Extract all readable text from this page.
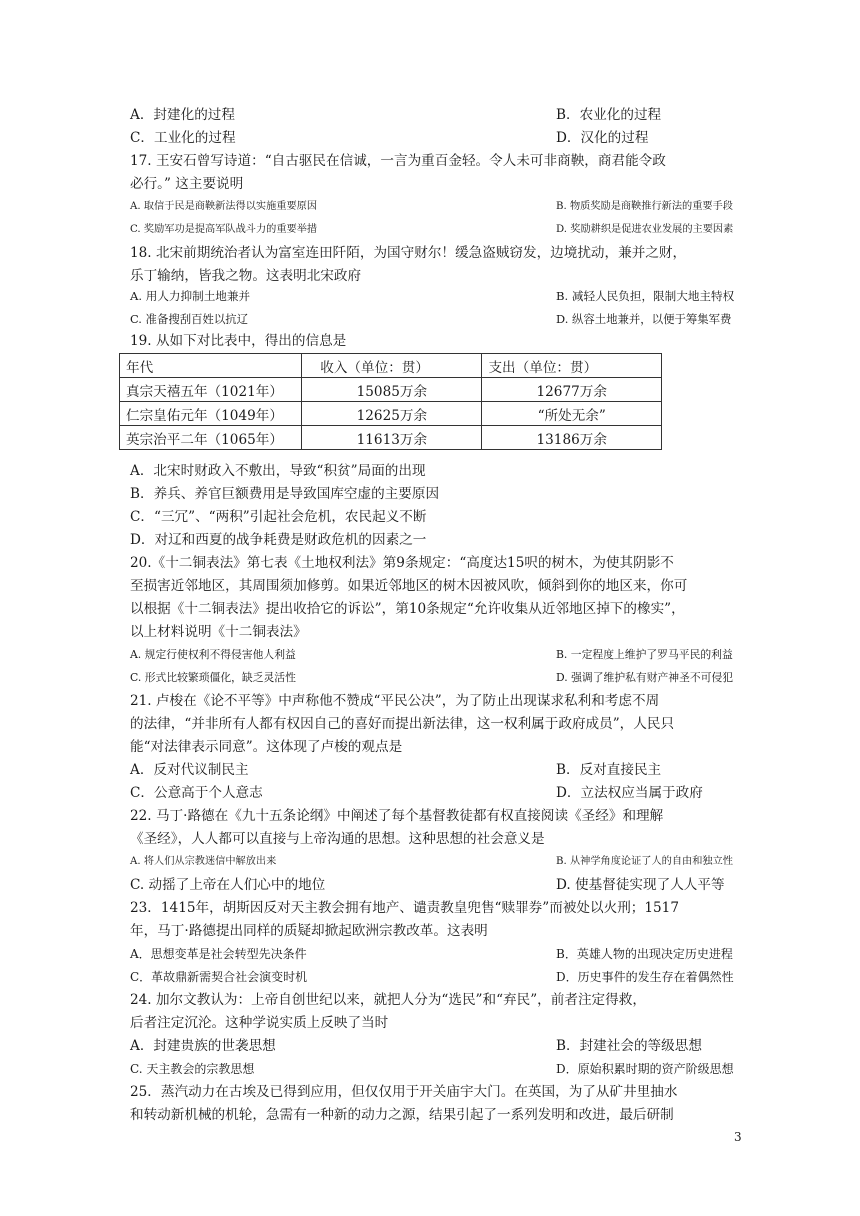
A．封建化的过程	B．农业化的过程
C．工业化的过程	D．汉化的过程
17. 王安石曾写诗道：“自古驱民在信诚，一言为重百金轻。令人未可非商鞅，商君能令政
必行。” 这主要说明
A. 取信于民是商鞅新法得以实施重要原因	B. 物质奖励是商鞅推行新法的重要手段
C. 奖励军功是提高军队战斗力的重要举措	D. 奖励耕织是促进农业发展的主要因素
18. 北宋前期统治者认为富室连田阡陌，为国守财尔！缓急盗贼窃发，边境扰动，兼并之财，
乐丁输纳，皆我之物。这表明北宋政府
A. 用人力抑制土地兼并	B. 减轻人民负担，限制大地主特权
C. 准备搜刮百姓以抗辽	D. 纵容土地兼并，以便于筹集军费
19. 从如下对比表中，得出的信息是
年代	收入（单位：贯）	支出（单位：贯）
真宗天禧五年（1021年）	15085万余	12677万余
仁宗皇佑元年（1049年）	12625万余	“所处无余”
英宗治平二年（1065年）	11613万余	13186万余
A．北宋时财政入不敷出，导致“积贫”局面的出现
B．养兵、养官巨额费用是导致国库空虚的主要原因
C．“三冗”、“两积”引起社会危机，农民起义不断
D．对辽和西夏的战争耗费是财政危机的因素之一
20.《十二铜表法》第七表《土地权利法》第9条规定：“高度达15呎的树木，为使其阴影不
至损害近邻地区，其周围须加修剪。如果近邻地区的树木因被风吹，倾斜到你的地区来，你可
以根据《十二铜表法》提出收拾它的诉讼”，第10条规定“允许收集从近邻地区掉下的橡实”，
以上材料说明《十二铜表法》
A. 规定行使权利不得侵害他人利益	B. 一定程度上维护了罗马平民的利益
C. 形式比较繁琐僵化，缺乏灵活性	D. 强调了维护私有财产神圣不可侵犯
21. 卢梭在《论不平等》中声称他不赞成“平民公决”，为了防止出现谋求私利和考虑不周
的法律，“并非所有人都有权因自己的喜好而提出新法律，这一权利属于政府成员”，人民只
能“对法律表示同意”。这体现了卢梭的观点是
A．反对代议制民主	B．反对直接民主
C．公意高于个人意志	D．立法权应当属于政府
22. 马丁·路德在《九十五条论纲》中阐述了每个基督教徒都有权直接阅读《圣经》和理解
《圣经》，人人都可以直接与上帝沟通的思想。这种思想的社会意义是
A. 将人们从宗教迷信中解放出来	B. 从神学角度论证了人的自由和独立性
C. 动摇了上帝在人们心中的地位	D. 使基督徒实现了人人平等
23．1415年，胡斯因反对天主教会拥有地产、谴责教皇兜售“赎罪券”而被处以火刑；1517
年，马丁·路德提出同样的质疑却掀起欧洲宗教改革。这表明
A．思想变革是社会转型先决条件	B．英雄人物的出现决定历史进程
C．革故鼎新需契合社会演变时机	D．历史事件的发生存在着偶然性
24. 加尔文教认为：上帝自创世纪以来，就把人分为“选民”和“弃民”，前者注定得救，
后者注定沉沦。这种学说实质上反映了当时
A．封建贵族的世袭思想	B．封建社会的等级思想
C. 天主教会的宗教思想	D．原始积累时期的资产阶级思想
25．蒸汽动力在古埃及已得到应用，但仅仅用于开关庙宇大门。在英国，为了从矿井里抽水
和转动新机械的机轮，急需有一种新的动力之源，结果引起了一系列发明和改进，最后研制
3
